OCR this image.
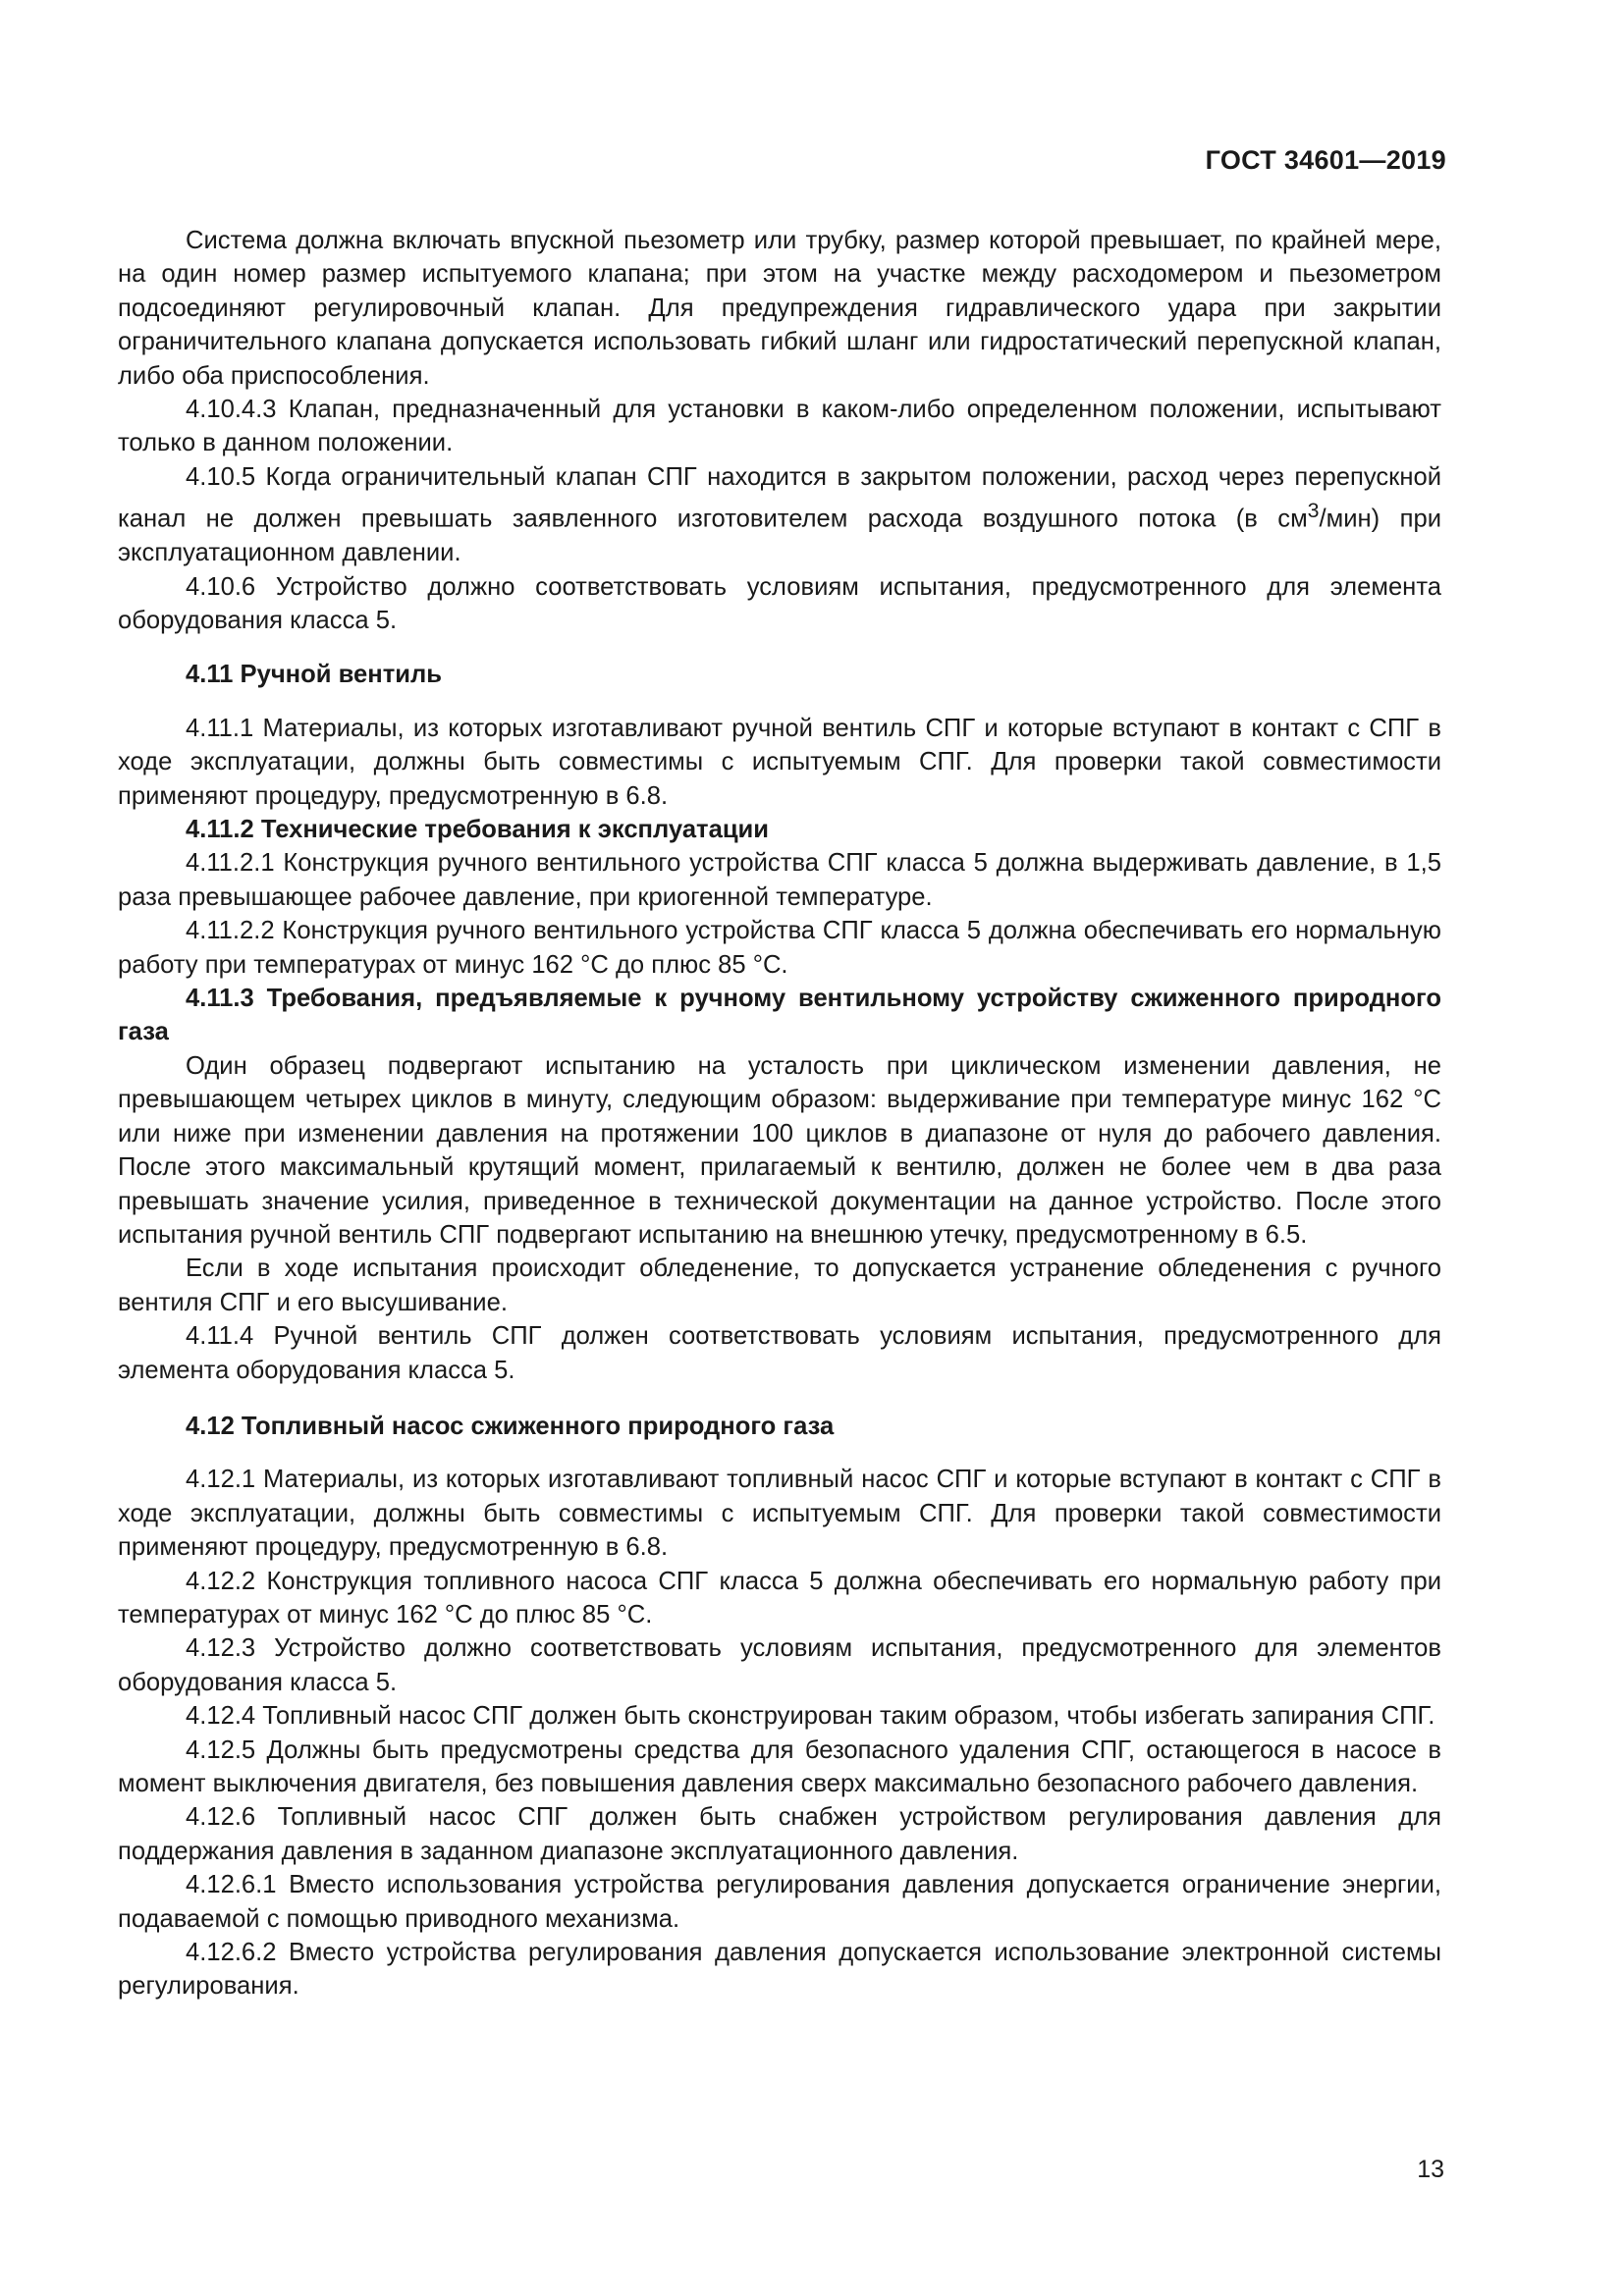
ГОСТ 34601—2019

Система должна включать впускной пьезометр или трубку, размер которой превышает, по крайней мере, на один номер размер испытуемого клапана; при этом на участке между расходомером и пьезометром подсоединяют регулировочный клапан. Для предупреждения гидравлического удара при закрытии ограничительного клапана допускается использовать гибкий шланг или гидростатический перепускной клапан, либо оба приспособления.

4.10.4.3 Клапан, предназначенный для установки в каком-либо определенном положении, испытывают только в данном положении.

4.10.5 Когда ограничительный клапан СПГ находится в закрытом положении, расход через перепускной канал не должен превышать заявленного изготовителем расхода воздушного потока (в $см^3/мин$) при эксплуатационном давлении.

4.10.6 Устройство должно соответствовать условиям испытания, предусмотренного для элемента оборудования класса 5.

4.11 Ручной вентиль

4.11.1 Материалы, из которых изготавливают ручной вентиль СПГ и которые вступают в контакт с СПГ в ходе эксплуатации, должны быть совместимы с испытуемым СПГ. Для проверки такой совместимости применяют процедуру, предусмотренную в 6.8.

4.11.2 Технические требования к эксплуатации

4.11.2.1 Конструкция ручного вентильного устройства СПГ класса 5 должна выдерживать давление, в 1,5 раза превышающее рабочее давление, при криогенной температуре.

4.11.2.2 Конструкция ручного вентильного устройства СПГ класса 5 должна обеспечивать его нормальную работу при температурах от минус 162 °С до плюс 85 °С.

4.11.3 Требования, предъявляемые к ручному вентильному устройству сжиженного природного газа

Один образец подвергают испытанию на усталость при циклическом изменении давления, не превышающем четырех циклов в минуту, следующим образом: выдерживание при температуре минус 162 °С или ниже при изменении давления на протяжении 100 циклов в диапазоне от нуля до рабочего давления. После этого максимальный крутящий момент, прилагаемый к вентилю, должен не более чем в два раза превышать значение усилия, приведенное в технической документации на данное устройство. После этого испытания ручной вентиль СПГ подвергают испытанию на внешнюю утечку, предусмотренному в 6.5.

Если в ходе испытания происходит обледенение, то допускается устранение обледенения с ручного вентиля СПГ и его высушивание.

4.11.4 Ручной вентиль СПГ должен соответствовать условиям испытания, предусмотренного для элемента оборудования класса 5.

4.12 Топливный насос сжиженного природного газа

4.12.1 Материалы, из которых изготавливают топливный насос СПГ и которые вступают в контакт с СПГ в ходе эксплуатации, должны быть совместимы с испытуемым СПГ. Для проверки такой совместимости применяют процедуру, предусмотренную в 6.8.

4.12.2 Конструкция топливного насоса СПГ класса 5 должна обеспечивать его нормальную работу при температурах от минус 162 °С до плюс 85 °С.

4.12.3 Устройство должно соответствовать условиям испытания, предусмотренного для элементов оборудования класса 5.

4.12.4 Топливный насос СПГ должен быть сконструирован таким образом, чтобы избегать запирания СПГ.

4.12.5 Должны быть предусмотрены средства для безопасного удаления СПГ, остающегося в насосе в момент выключения двигателя, без повышения давления сверх максимально безопасного рабочего давления.

4.12.6 Топливный насос СПГ должен быть снабжен устройством регулирования давления для поддержания давления в заданном диапазоне эксплуатационного давления.

4.12.6.1 Вместо использования устройства регулирования давления допускается ограничение энергии, подаваемой с помощью приводного механизма.

4.12.6.2 Вместо устройства регулирования давления допускается использование электронной системы регулирования.

13
